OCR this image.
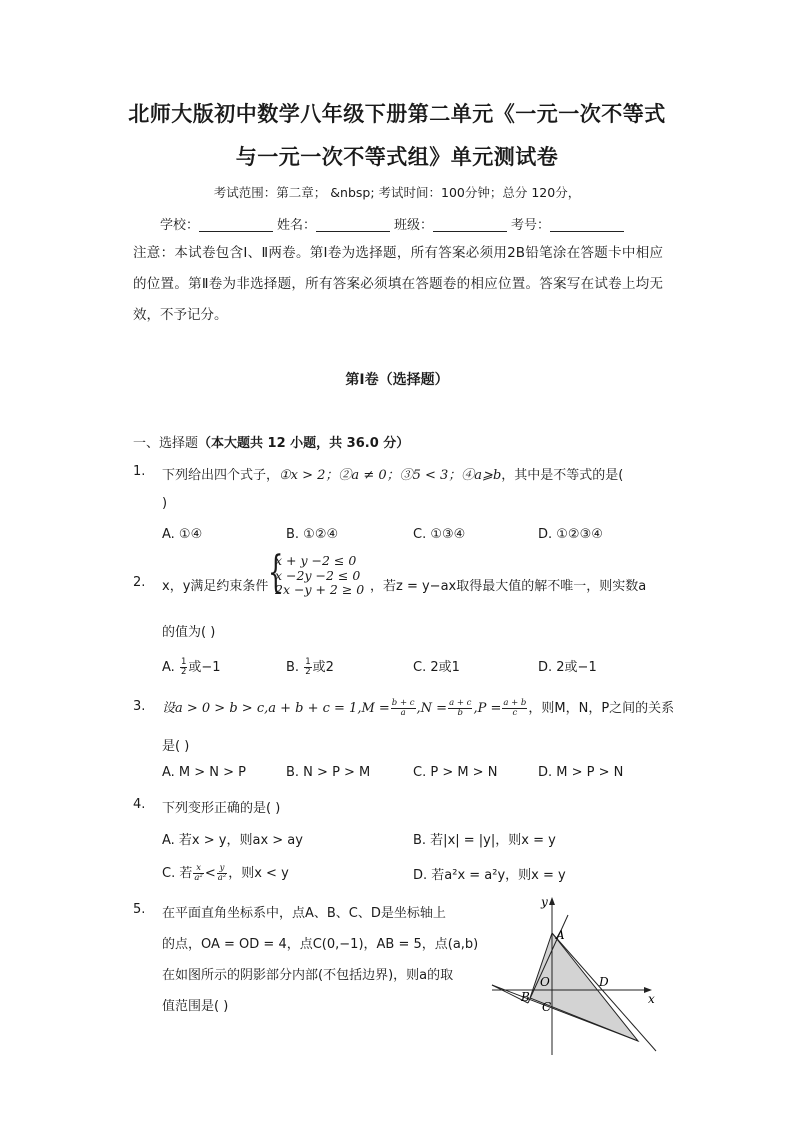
北师大版初中数学八年级下册第二单元《一元一次不等式
与一元一次不等式组》单元测试卷
考试范围：第二章； &nbsp; 考试时间：100分钟；总分 120分，
学校：	姓名：	班级：	考号：
注意：本试卷包含Ⅰ、Ⅱ两卷。第Ⅰ卷为选择题，所有答案必须用2B铅笔涂在答题卡中相应的位置。第Ⅱ卷为非选择题，所有答案必须填在答题卷的相应位置。答案写在试卷上均无效，不予记分。
第Ⅰ卷（选择题）
一、选择题（本大题共 12 小题，共 36.0 分）
1. 下列给出四个式子，①x > 2；②a ≠ 0；③5 < 3；④a⩾b，其中是不等式的是(
)
A. ①④	B. ①②④	C. ①③④	D. ①②③④
2. x，y满足约束条件 {
x + y −2 ≤ 0
x −2y −2 ≤ 0
2x −y + 2 ≥ 0 ，若z = y−ax取得最大值的解不唯一，则实数a
的值为( )
A. $\frac{1}{2}$ 或−1	B. $\frac{1}{2}$ 或2	C. 2或1	D. 2或−1
3. 设$a > 0 > b > c,a + b + c = 1,M = \frac{b + c}{a} ,N = \frac{a + c}{b} ,P = \frac{a + b}{c}$ ，则M，N，P之间的关系
是( )
A. M > N > P	B. N > P > M	C. P > M > N	D. M > P > N
4. 下列变形正确的是( )
A. 若x > y，则ax > ay	B. 若|x| = |y|，则x = y
C. 若 $\frac{x}{\text{a²}} < \frac{y}{\text{a²}}$ ，则x < y	D. 若a²x = a²y，则x = y
5. 在平面直角坐标系中，点A、B、C、D是坐标轴上
的点，OA = OD = 4，点C(0,−1)，AB = 5，点(a,b)
在如图所示的阴影部分内部(不包括边界)，则a的取
值范围是( )
y
x
A
B
C
D
O
